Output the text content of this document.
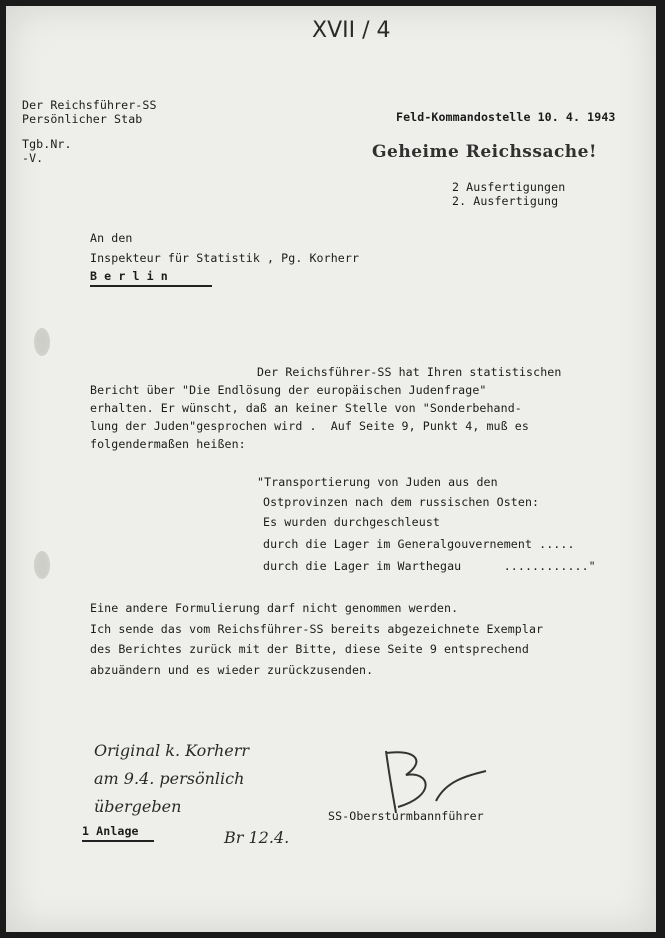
XVII / 4
Der Reichsführer-SS
Persönlicher Stab
Tgb.Nr.
-V.
Feld-Kommandostelle 10. 4. 1943
Geheime Reichssache!
2 Ausfertigungen
2. Ausfertigung
An den
Inspekteur für Statistik , Pg. Korherr
B e r l i n
Der Reichsführer-SS hat Ihren statistischen
Bericht über "Die Endlösung der europäischen Judenfrage"
erhalten. Er wünscht, daß an keiner Stelle von "Sonderbehand-
lung der Juden"gesprochen wird .  Auf Seite 9, Punkt 4, muß es
folgendermaßen heißen:
"Transportierung von Juden aus den
Ostprovinzen nach dem russischen Osten:
Es wurden durchgeschleust
durch die Lager im Generalgouvernement .....
durch die Lager im Warthegau      ............"
Eine andere Formulierung darf nicht genommen werden.
Ich sende das vom Reichsführer-SS bereits abgezeichnete Exemplar
des Berichtes zurück mit der Bitte, diese Seite 9 entsprechend
abzuändern und es wieder zurückzusenden.
Original k. Korherr
am 9.4. persönlich
übergeben
Br 12.4.
SS-Obersturmbannführer
1 Anlage
